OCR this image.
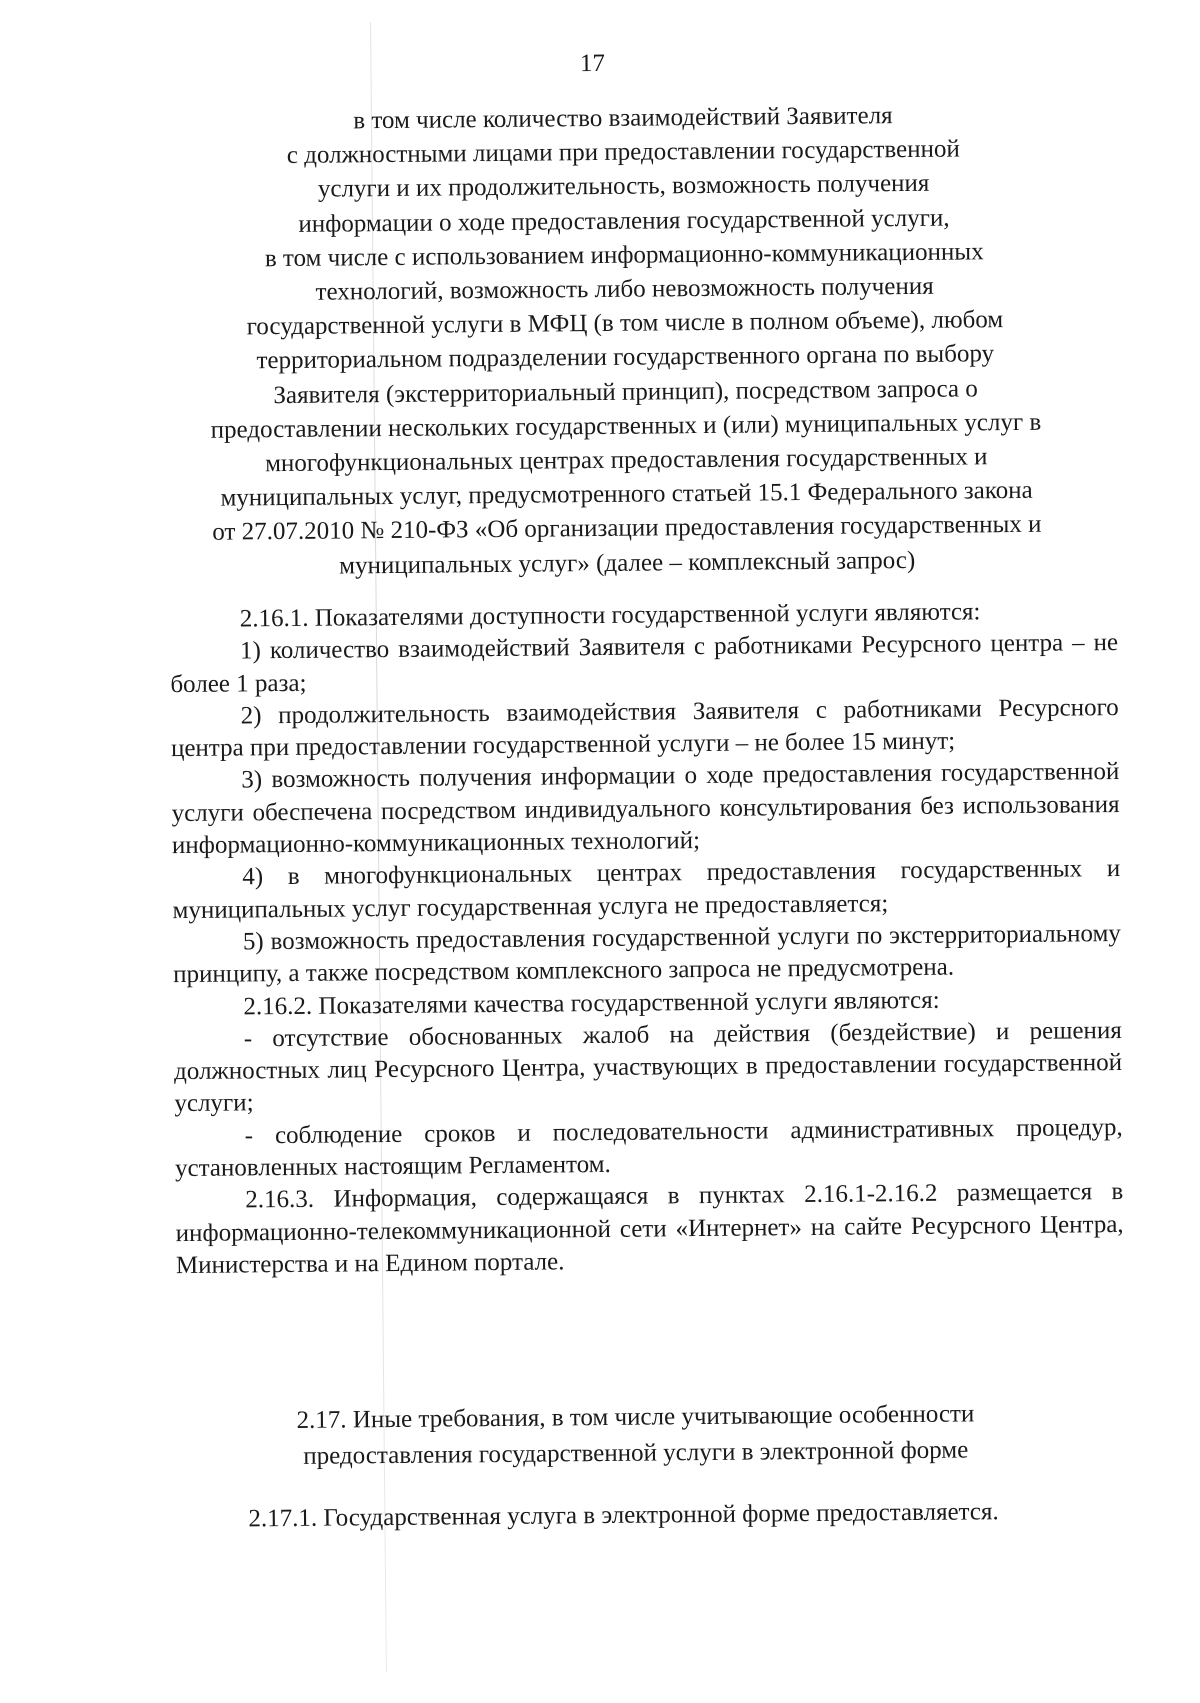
17
в том числе количество взаимодействий Заявителя
с должностными лицами при предоставлении государственной
услуги и их продолжительность, возможность получения
информации о ходе предоставления государственной услуги,
в том числе с использованием информационно-коммуникационных
технологий, возможность либо невозможность получения
государственной услуги в МФЦ (в том числе в полном объеме), любом
территориальном подразделении государственного органа по выбору
Заявителя (экстерриториальный принцип), посредством запроса о
предоставлении нескольких государственных и (или) муниципальных услуг в
многофункциональных центрах предоставления государственных и
муниципальных услуг, предусмотренного статьей 15.1 Федерального закона
от 27.07.2010 № 210-ФЗ «Об организации предоставления государственных и
муниципальных услуг» (далее – комплексный запрос)

2.16.1. Показателями доступности государственной услуги являются:

1) количество взаимодействий Заявителя с работниками Ресурсного центра – не более 1 раза;

2) продолжительность взаимодействия Заявителя с работниками Ресурсного центра при предоставлении государственной услуги – не более 15 минут;

3) возможность получения информации о ходе предоставления государственной услуги обеспечена посредством индивидуального консультирования без использования информационно-коммуникационных технологий;

4) в многофункциональных центрах предоставления государственных и муниципальных услуг государственная услуга не предоставляется;

5) возможность предоставления государственной услуги по экстерриториальному принципу, а также посредством комплексного запроса не предусмотрена.

2.16.2. Показателями качества государственной услуги являются:

- отсутствие обоснованных жалоб на действия (бездействие) и решения должностных лиц Ресурсного Центра, участвующих в предоставлении государственной услуги;

- соблюдение сроков и последовательности административных процедур, установленных настоящим Регламентом.

2.16.3. Информация, содержащаяся в пунктах 2.16.1-2.16.2 размещается в информационно-телекоммуникационной сети «Интернет» на сайте Ресурсного Центра, Министерства и на Едином портале.

2.17. Иные требования, в том числе учитывающие особенности
предоставления государственной услуги в электронной форме

2.17.1. Государственная услуга в электронной форме предоставляется.
